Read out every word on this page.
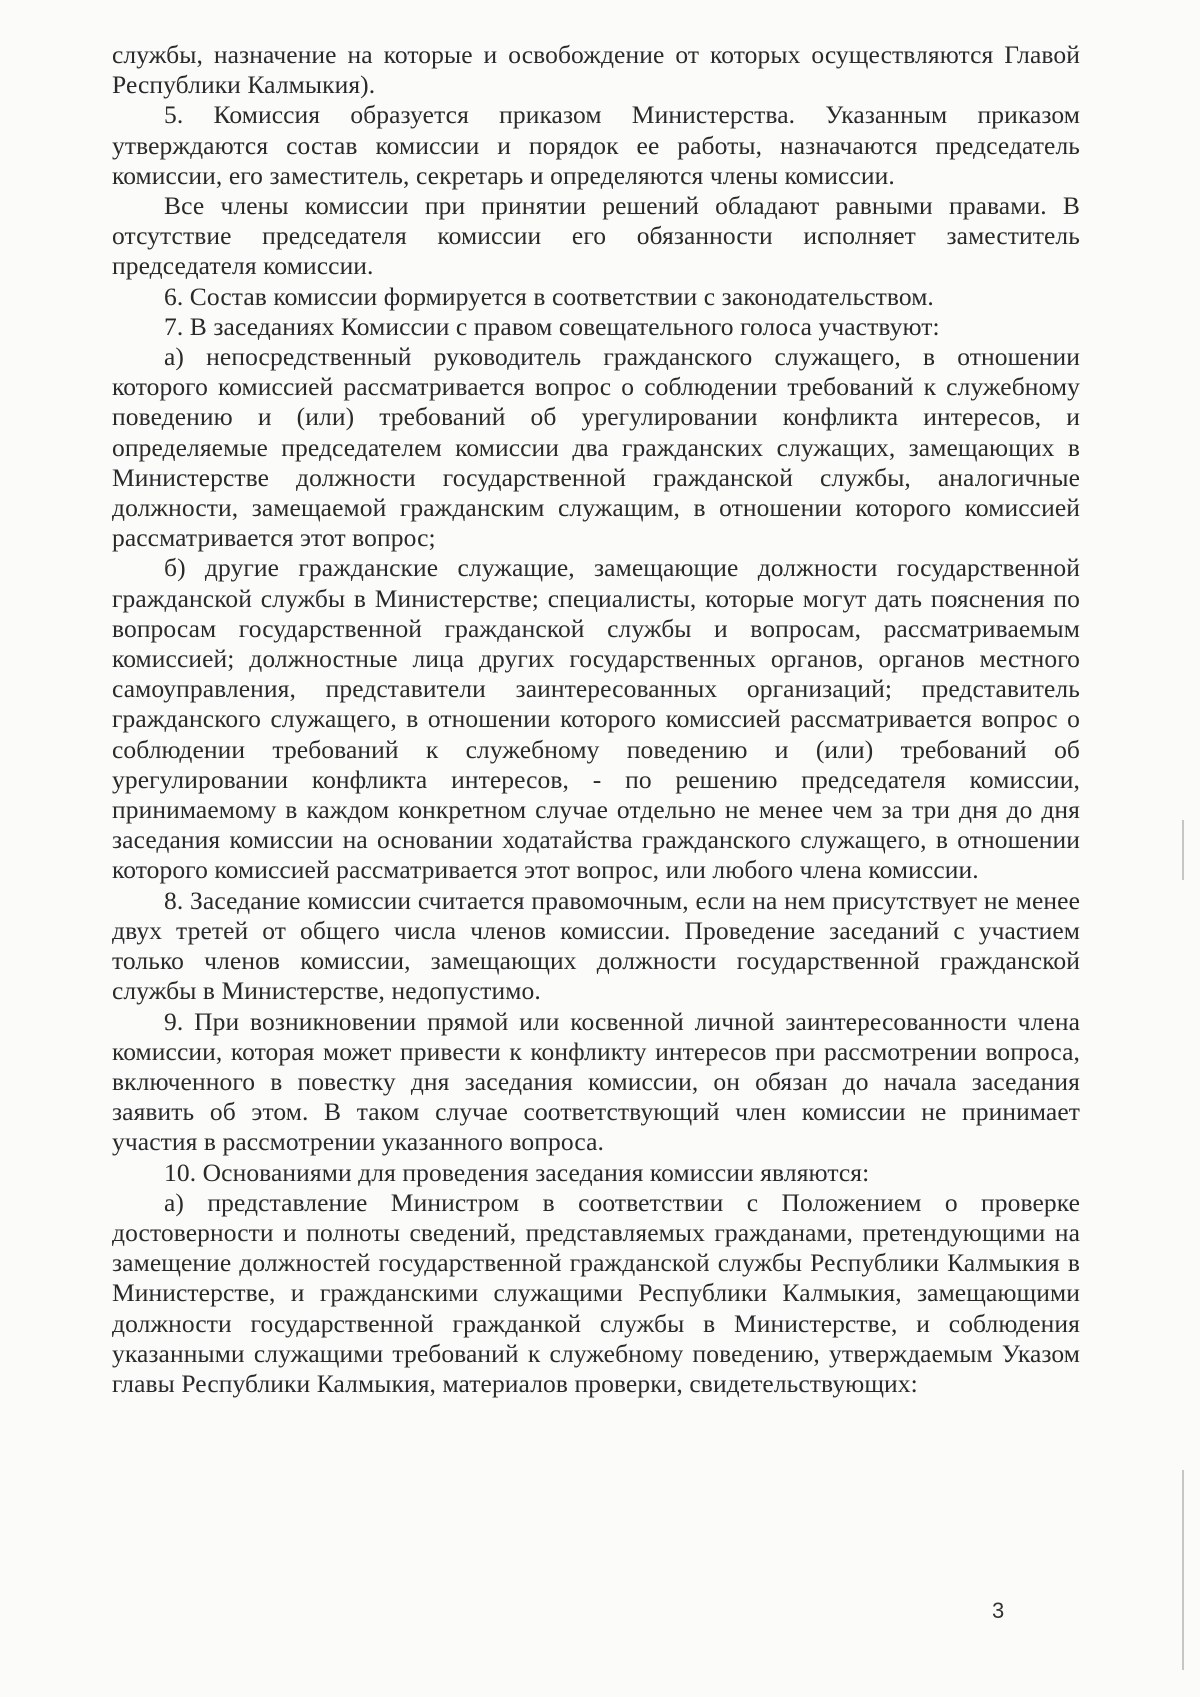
службы, назначение на которые и освобождение от которых осуществляются Главой Республики Калмыкия).

5. Комиссия образуется приказом Министерства. Указанным приказом утверждаются состав комиссии и порядок ее работы, назначаются председатель комиссии, его заместитель, секретарь и определяются члены комиссии.

Все члены комиссии при принятии решений обладают равными правами. В отсутствие председателя комиссии его обязанности исполняет заместитель председателя комиссии.

6. Состав комиссии формируется в соответствии с законодательством.

7. В заседаниях Комиссии с правом совещательного голоса участвуют:

а) непосредственный руководитель гражданского служащего, в отношении которого комиссией рассматривается вопрос о соблюдении требований к служебному поведению и (или) требований об урегулировании конфликта интересов, и определяемые председателем комиссии два гражданских служащих, замещающих в Министерстве должности государственной гражданской службы, аналогичные должности, замещаемой гражданским служащим, в отношении которого комиссией рассматривается этот вопрос;

б) другие гражданские служащие, замещающие должности государственной гражданской службы в Министерстве; специалисты, которые могут дать пояснения по вопросам государственной гражданской службы и вопросам, рассматриваемым комиссией; должностные лица других государственных органов, органов местного самоуправления, представители заинтересованных организаций; представитель гражданского служащего, в отношении которого комиссией рассматривается вопрос о соблюдении требований к служебному поведению и (или) требований об урегулировании конфликта интересов, - по решению председателя комиссии, принимаемому в каждом конкретном случае отдельно не менее чем за три дня до дня заседания комиссии на основании ходатайства гражданского служащего, в отношении которого комиссией рассматривается этот вопрос, или любого члена комиссии.

8. Заседание комиссии считается правомочным, если на нем присутствует не менее двух третей от общего числа членов комиссии. Проведение заседаний с участием только членов комиссии, замещающих должности государственной гражданской службы в Министерстве, недопустимо.

9. При возникновении прямой или косвенной личной заинтересованности члена комиссии, которая может привести к конфликту интересов при рассмотрении вопроса, включенного в повестку дня заседания комиссии, он обязан до начала заседания заявить об этом. В таком случае соответствующий член комиссии не принимает участия в рассмотрении указанного вопроса.

10. Основаниями для проведения заседания комиссии являются:

а) представление Министром в соответствии с Положением о проверке достоверности и полноты сведений, представляемых гражданами, претендующими на замещение должностей государственной гражданской службы Республики Калмыкия в Министерстве, и гражданскими служащими Республики Калмыкия, замещающими должности государственной гражданкой службы в Министерстве, и соблюдения указанными служащими требований к служебному поведению, утверждаемым Указом главы Республики Калмыкия, материалов проверки, свидетельствующих:

3
